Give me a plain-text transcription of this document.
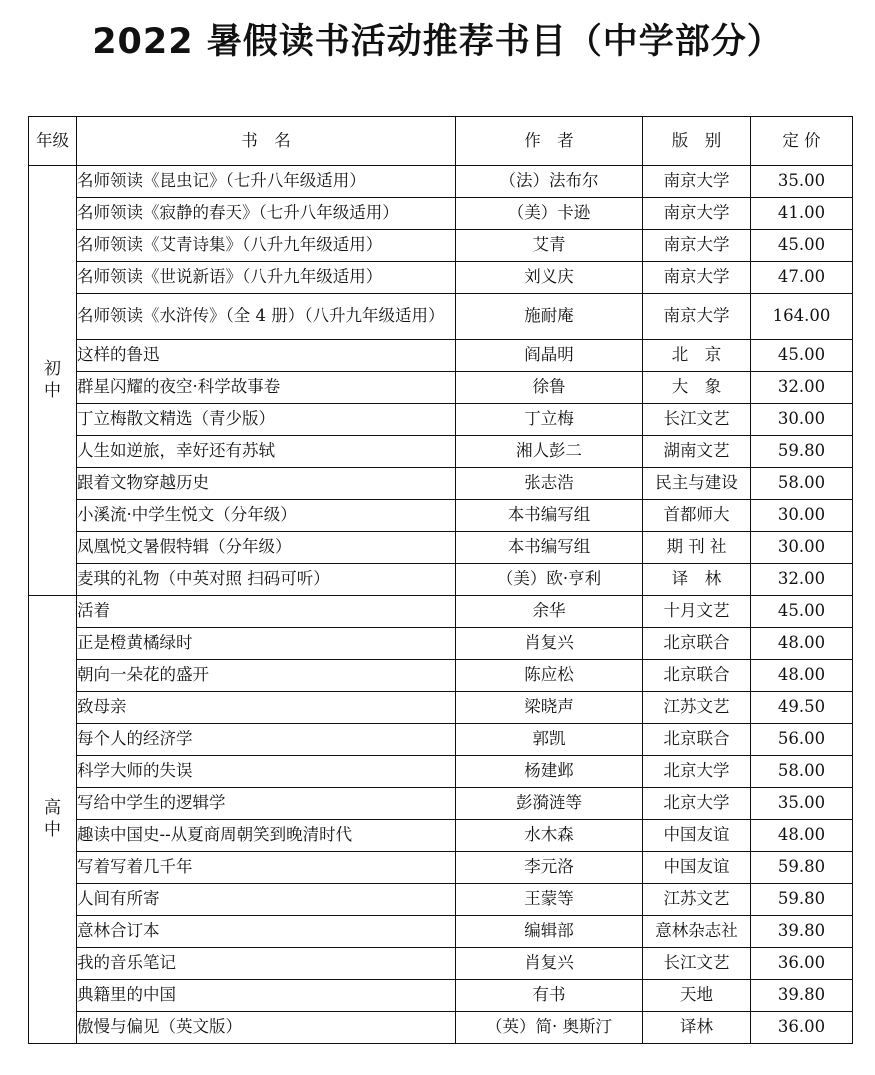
2022 暑假读书活动推荐书目（中学部分）
年级	书　名	作　者	版　别	定 价

初
中	名师领读《昆虫记》（七升八年级适用）	（法）法布尔	南京大学	35.00
	名师领读《寂静的春天》（七升八年级适用）	（美）卡逊	南京大学	41.00
	名师领读《艾青诗集》（八升九年级适用）	艾青	南京大学	45.00
	名师领读《世说新语》（八升九年级适用）	刘义庆	南京大学	47.00
	名师领读《水浒传》（全 4 册）（八升九年级适用）	施耐庵	南京大学	164.00
	这样的鲁迅	阎晶明	北　京	45.00
	群星闪耀的夜空·科学故事卷	徐鲁	大　象	32.00
	丁立梅散文精选（青少版）	丁立梅	长江文艺	30.00
	人生如逆旅，幸好还有苏轼	湘人彭二	湖南文艺	59.80
	跟着文物穿越历史	张志浩	民主与建设	58.00
	小溪流·中学生悦文（分年级）	本书编写组	首都师大	30.00
	凤凰悦文暑假特辑（分年级）	本书编写组	期 刊 社	30.00
	麦琪的礼物（中英对照 扫码可听）	（美）欧·亨利	译　林	32.00

高
中	活着	余华	十月文艺	45.00
	正是橙黄橘绿时	肖复兴	北京联合	48.00
	朝向一朵花的盛开	陈应松	北京联合	48.00
	致母亲	梁晓声	江苏文艺	49.50
	每个人的经济学	郭凯	北京联合	56.00
	科学大师的失误	杨建邺	北京大学	58.00
	写给中学生的逻辑学	彭漪涟等	北京大学	35.00
	趣读中国史--从夏商周朝笑到晚清时代	水木森	中国友谊	48.00
	写着写着几千年	李元洛	中国友谊	59.80
	人间有所寄	王蒙等	江苏文艺	59.80
	意林合订本	编辑部	意林杂志社	39.80
	我的音乐笔记	肖复兴	长江文艺	36.00
	典籍里的中国	有书	天地	39.80
	傲慢与偏见（英文版）	（英）简· 奥斯汀	译林	36.00
